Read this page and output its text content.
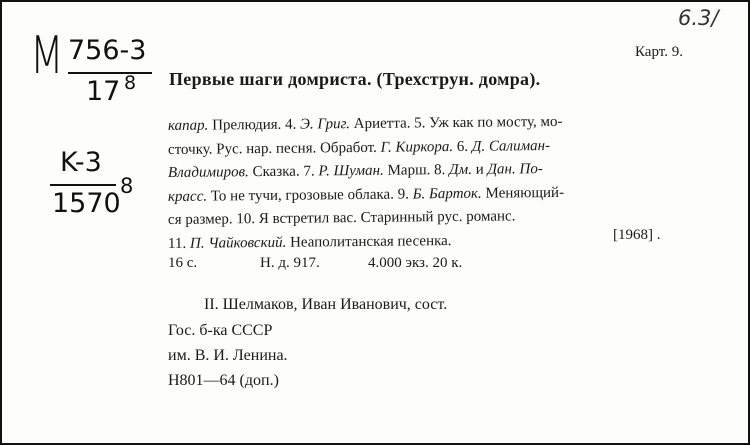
6.3/
M 756-3
17 8
K-3
1570
8
Карт. 9.
Первые шаги домриста. (Трехструн. домра).
капар. Прелюдия. 4. Э. Григ. Ариетта. 5. Уж как по мосту, мо-
сточку. Рус. нар. песня. Обработ. Г. Киркора. 6. Д. Салиман-
Владимиров. Сказка. 7. Р. Шуман. Марш. 8. Дм. и Дан. По-
красс. То не тучи, грозовые облака. 9. Б. Барток. Меняющий-
ся размер. 10. Я встретил вас. Старинный рус. романс.
11. П. Чайковский. Неаполитанская песенка.	[1968] .
16 с.	Н. д. 917.	4.000 экз. 20 к.
II. Шелмаков, Иван Иванович, сост.
Гос. б-ка СССР
им. В. И. Ленина.
Н801—64 (доп.)
